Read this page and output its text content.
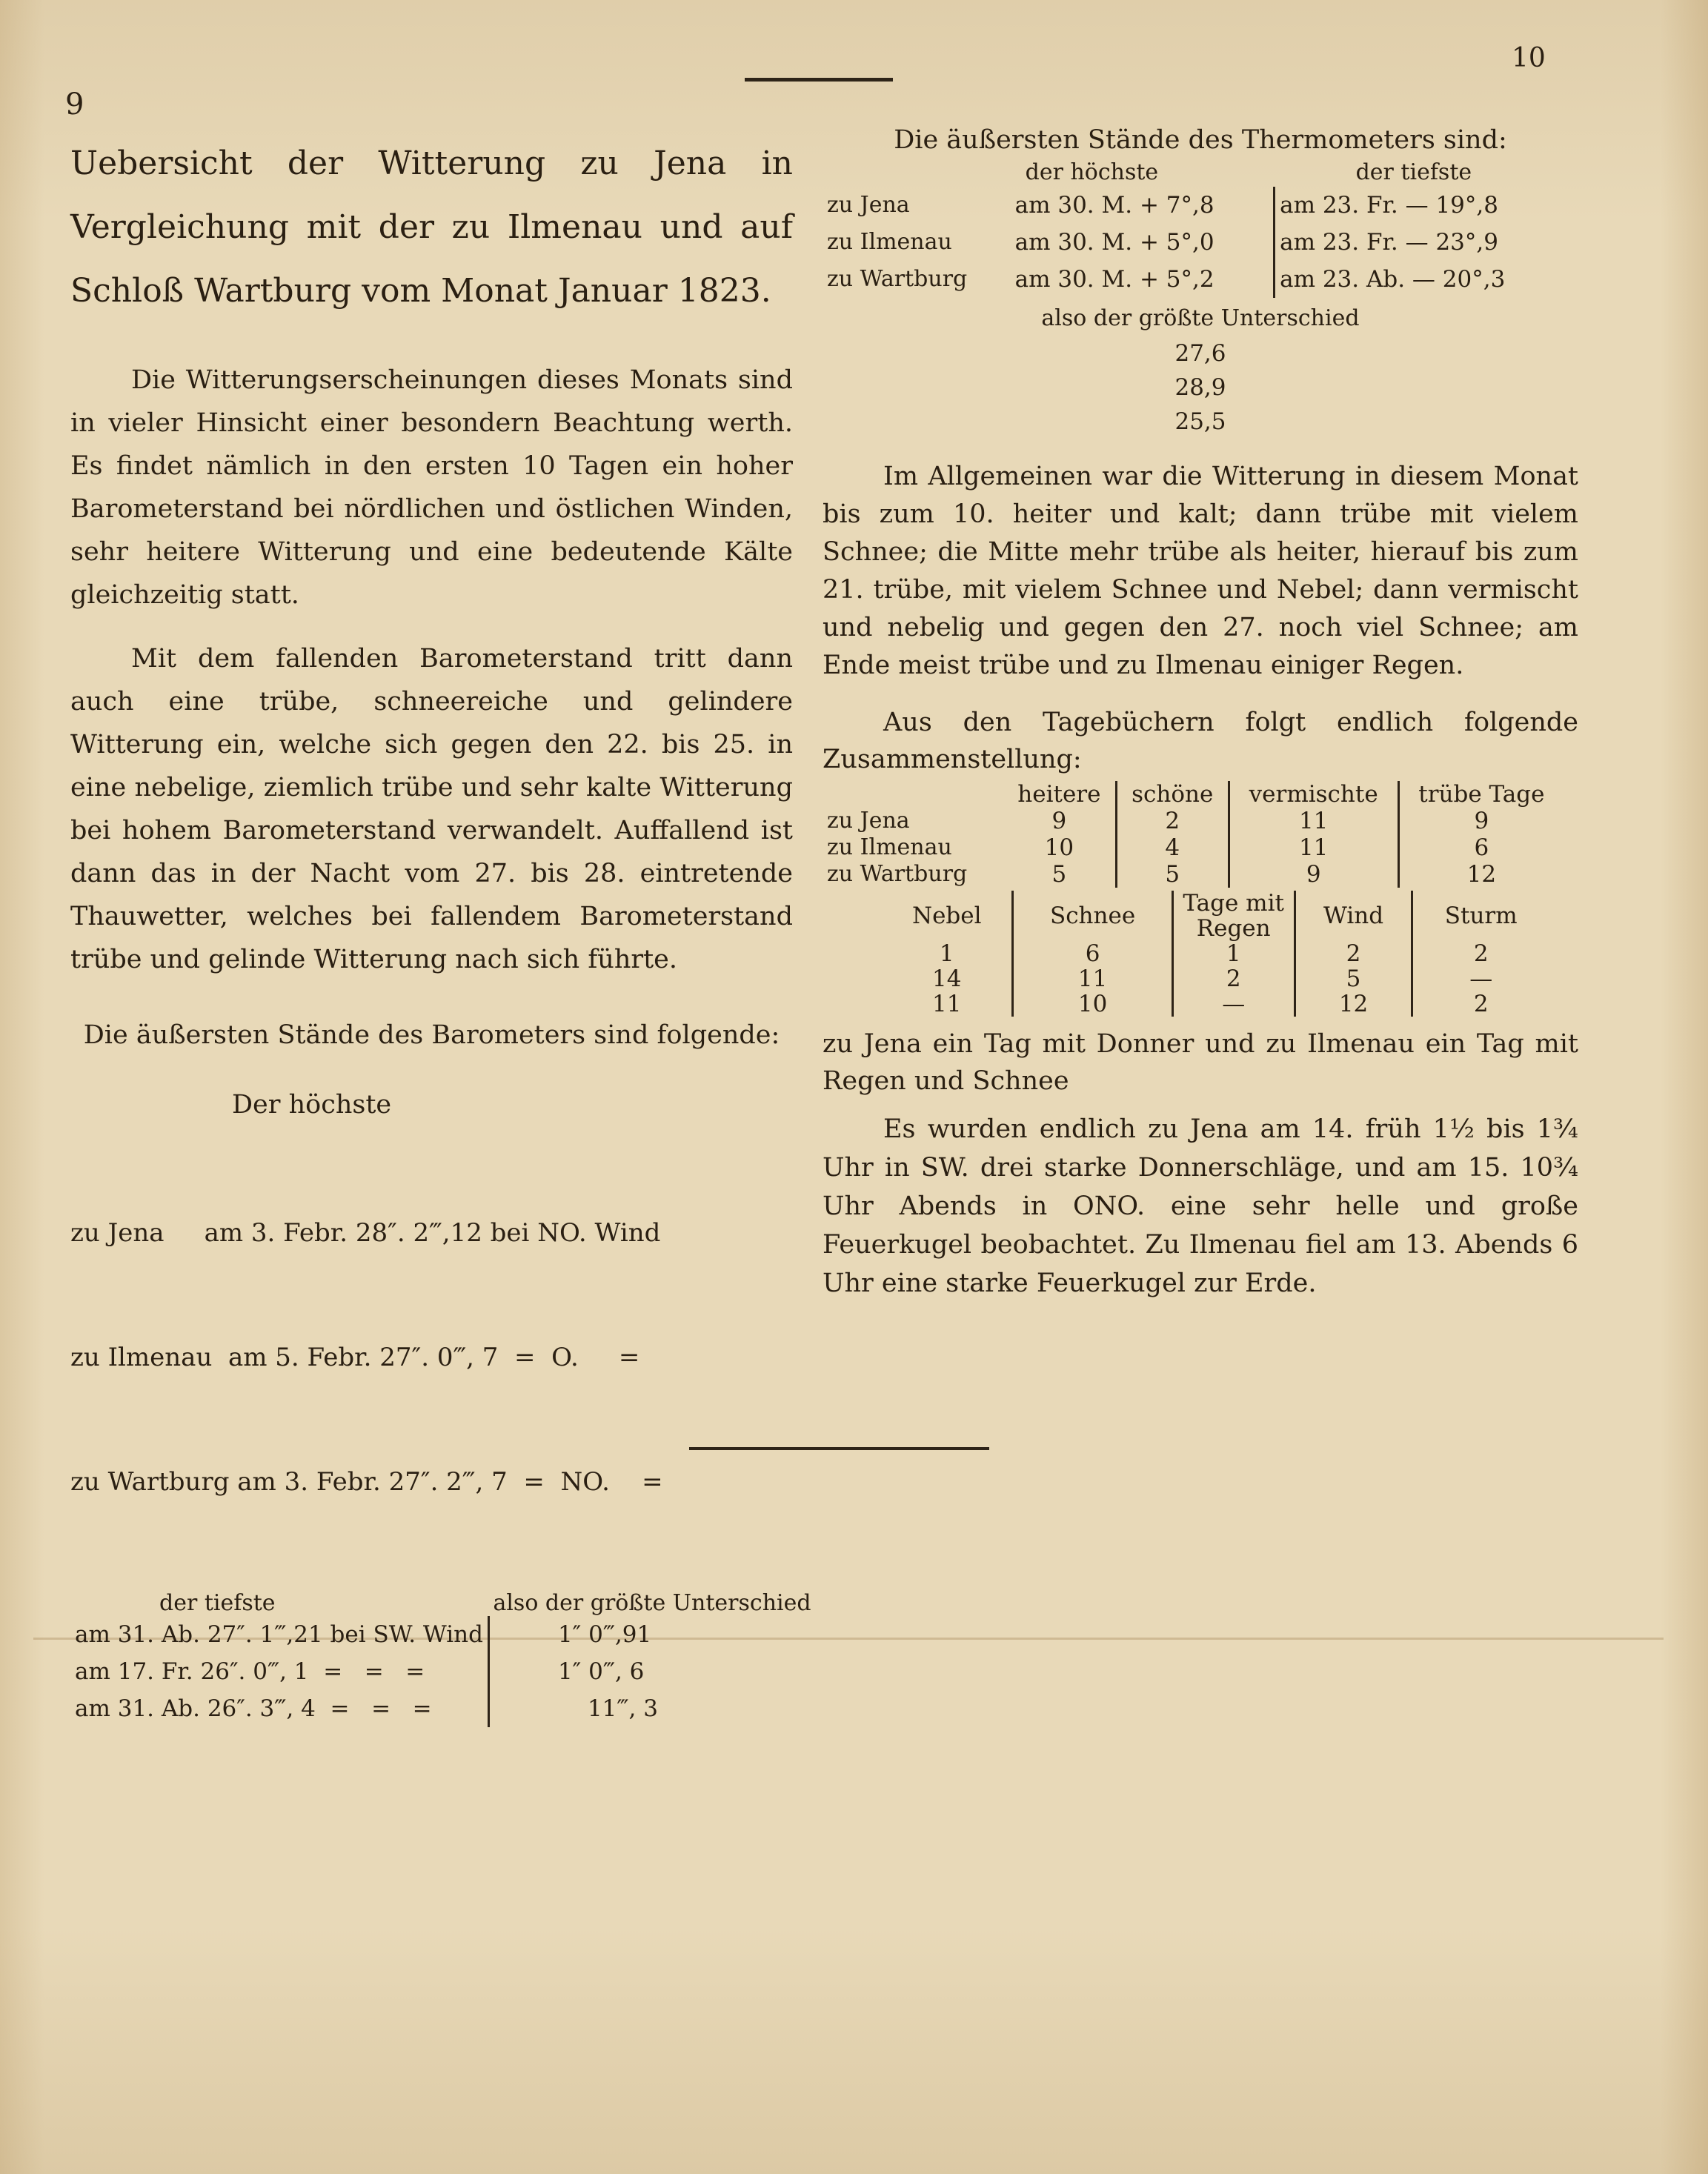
9
10
Uebersicht der Witterung zu Jena in Vergleichung mit der zu Ilmenau und auf Schloß Wartburg vom Monat Januar 1823.
Die Witterungserscheinungen dieses Monats sind in vieler Hinsicht einer besondern Beachtung werth. Es findet nämlich in den ersten 10 Tagen ein hoher Barometerstand bei nördlichen und östlichen Winden, sehr heitere Witterung und eine bedeutende Kälte gleichzeitig statt.
Mit dem fallenden Barometerstand tritt dann auch eine trübe, schneereiche und gelindere Witterung ein, welche sich gegen den 22. bis 25. in eine nebelige, ziemlich trübe und sehr kalte Witterung bei hohem Barometerstand verwandelt. Auffallend ist dann das in der Nacht vom 27. bis 28. eintretende Thauwetter, welches bei fallendem Barometerstand trübe und gelinde Witterung nach sich führte.
Die äußersten Stände des Barometers sind folgende:
Der höchste

zu Jena     am 3. Febr. 28″. 2‴,12 bei NO. Wind

zu Ilmenau  am 5. Febr. 27″. 0‴, 7  =  O.     =

zu Wartburg am 3. Febr. 27″. 2‴, 7  =  NO.    =

der tiefste	also der größte Unterschied
am 31. Ab. 27″. 1‴,21 bei SW. Wind	1″ 0‴,91
am 17. Fr. 26″. 0‴, 1  =   =   =	1″ 0‴, 6
am 31. Ab. 26″. 3‴, 4  =   =   =	11‴, 3
Die äußersten Stände des Thermometers sind:
	der höchste	der tiefste
zu Jena	am 30. M. + 7°,8	am 23. Fr. — 19°,8
zu Ilmenau	am 30. M. + 5°,0	am 23. Fr. — 23°,9
zu Wartburg	am 30. M. + 5°,2	am 23. Ab. — 20°,3
also der größte Unterschied
27,6
28,9
25,5
Im Allgemeinen war die Witterung in diesem Monat bis zum 10. heiter und kalt; dann trübe mit vielem Schnee; die Mitte mehr trübe als heiter, hierauf bis zum 21. trübe, mit vielem Schnee und Nebel; dann vermischt und nebelig und gegen den 27. noch viel Schnee; am Ende meist trübe und zu Ilmenau einiger Regen.
Aus den Tagebüchern folgt endlich folgende Zusammenstellung:
	heitere	schöne	vermischte	trübe Tage
zu Jena	9	2	11	9
zu Ilmenau	10	4	11	6
zu Wartburg	5	5	9	12
Nebel	Schnee	Tage mit Regen	Wind	Sturm
1	6	1	2	2
14	11	2	5	—
11	10	—	12	2
zu Jena ein Tag mit Donner und zu Ilmenau ein Tag mit Regen und Schnee
Es wurden endlich zu Jena am 14. früh 1½ bis 1¾ Uhr in SW. drei starke Donnerschläge, und am 15. 10¾ Uhr Abends in ONO. eine sehr helle und große Feuerkugel beobachtet. Zu Ilmenau fiel am 13. Abends 6 Uhr eine starke Feuerkugel zur Erde.
